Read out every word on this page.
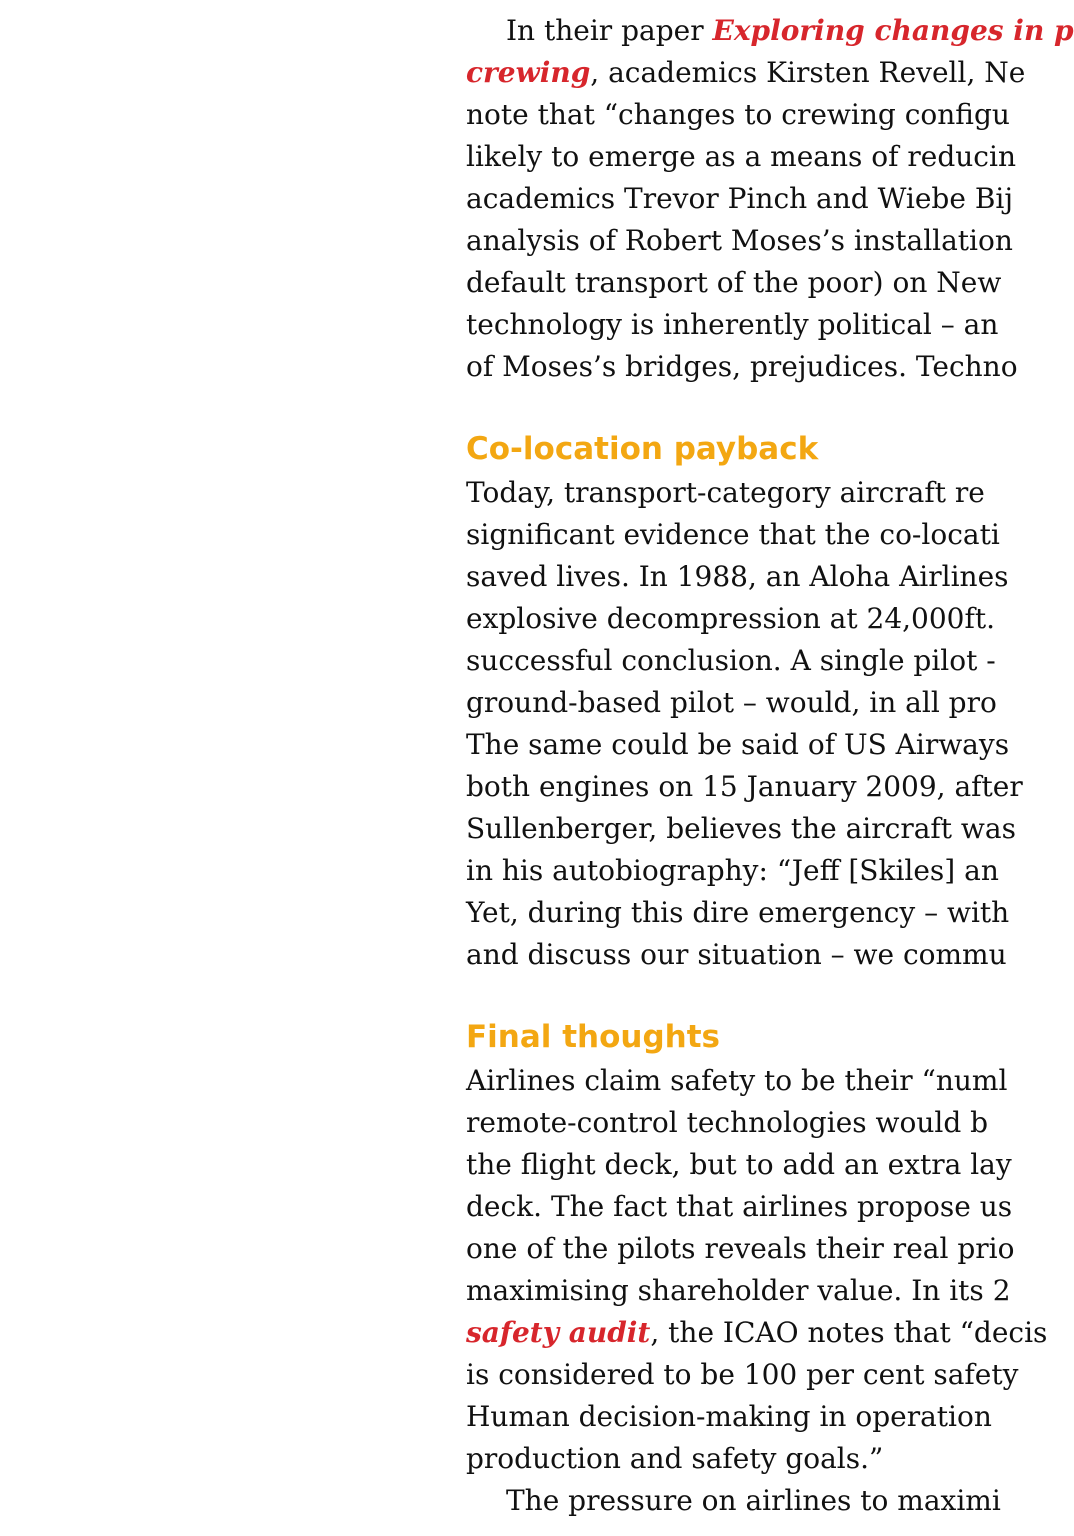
In their paper Exploring changes in p
crewing, academics Kirsten Revell, Ne
note that “changes to crewing configu
likely to emerge as a means of reducin
academics Trevor Pinch and Wiebe Bij
analysis of Robert Moses’s installation
default transport of the poor) on New
technology is inherently political – an
of Moses’s bridges, prejudices. Techno
Co-location payback
Today, transport-category aircraft re
significant evidence that the co-locati
saved lives. In 1988, an Aloha Airlines
explosive decompression at 24,000ft.
successful conclusion. A single pilot -
ground-based pilot – would, in all pro
The same could be said of US Airways
both engines on 15 January 2009, after
Sullenberger, believes the aircraft was
in his autobiography: “Jeff [Skiles] an
Yet, during this dire emergency – with
and discuss our situation – we commu
Final thoughts
Airlines claim safety to be their “numl
remote-control technologies would b
the flight deck, but to add an extra lay
deck. The fact that airlines propose us
one of the pilots reveals their real prio
maximising shareholder value. In its 2
safety audit, the ICAO notes that “decis
is considered to be 100 per cent safety
Human decision-making in operation
production and safety goals.”
The pressure on airlines to maximi
